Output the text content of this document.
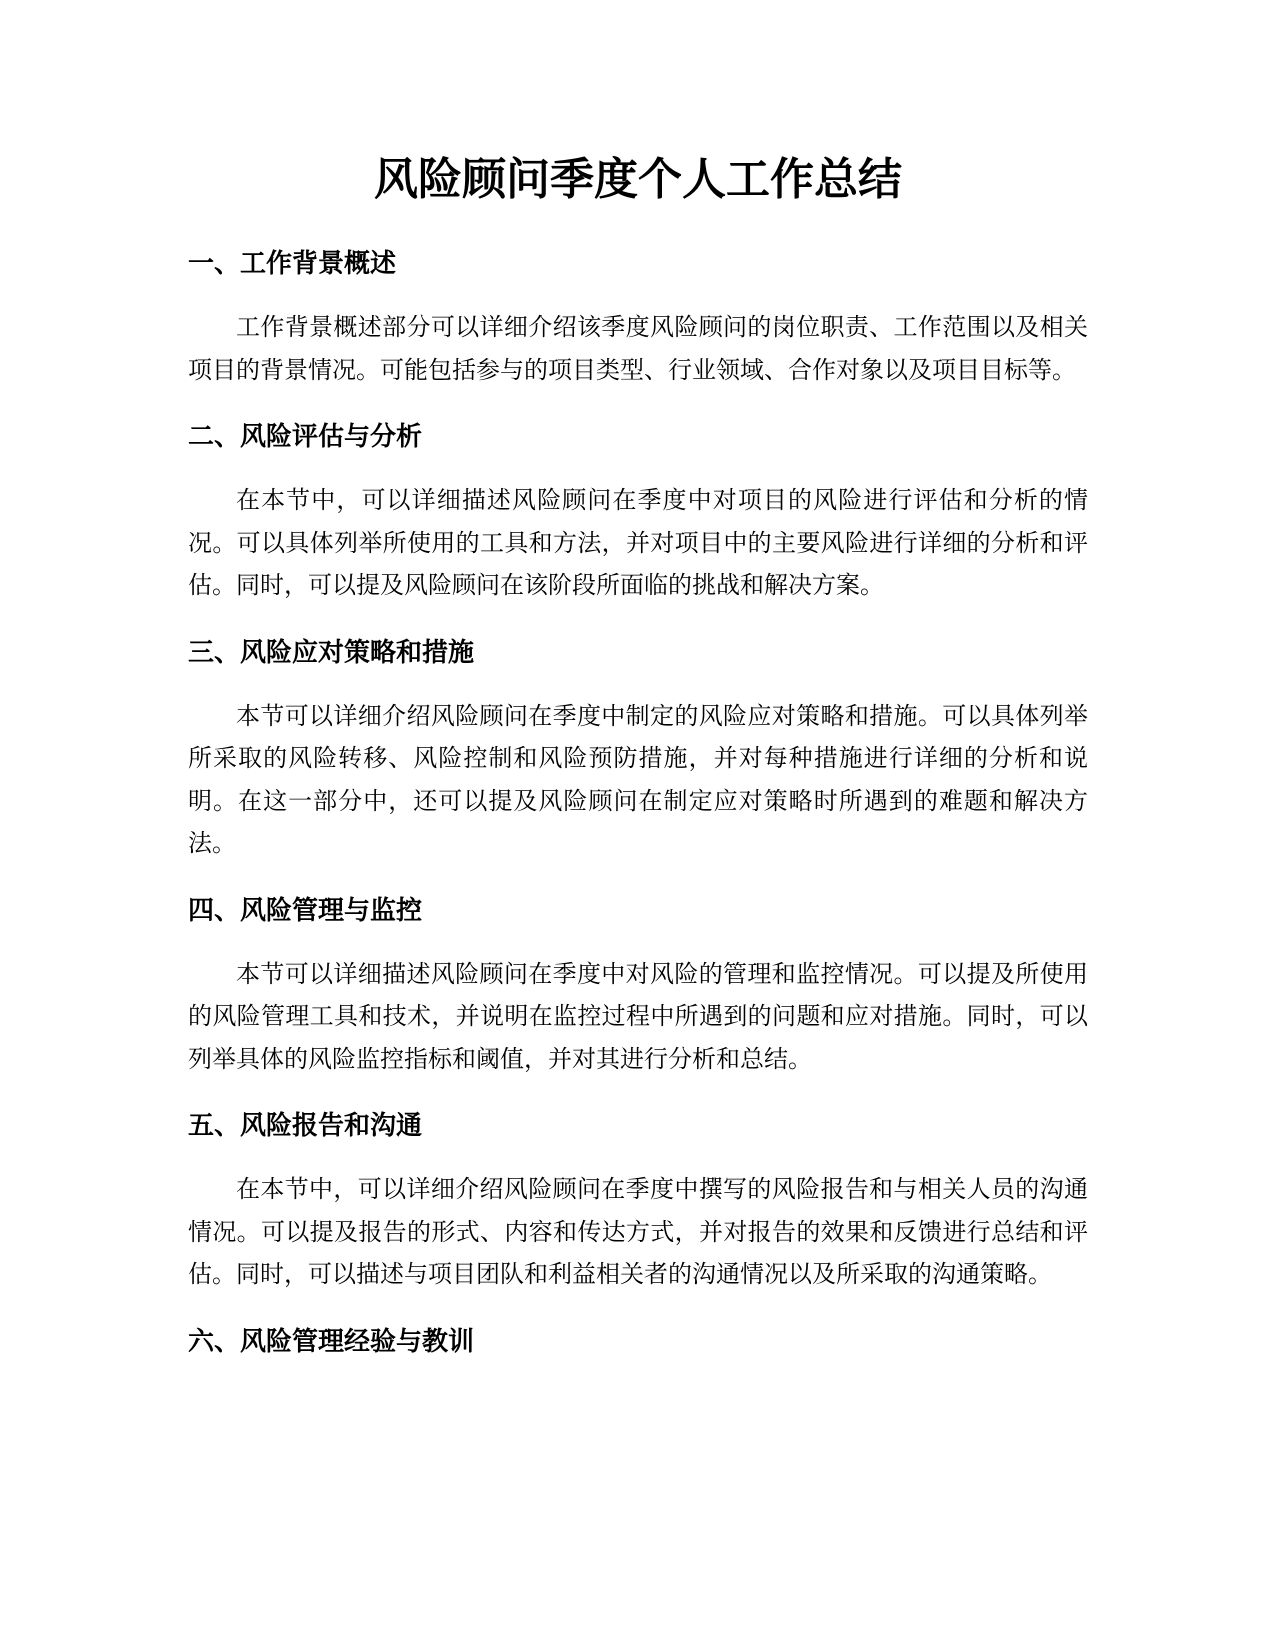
风险顾问季度个人工作总结
一、工作背景概述

工作背景概述部分可以详细介绍该季度风险顾问的岗位职责、工作范围以及相关项目的背景情况。可能包括参与的项目类型、行业领域、合作对象以及项目目标等。

二、风险评估与分析

在本节中，可以详细描述风险顾问在季度中对项目的风险进行评估和分析的情况。可以具体列举所使用的工具和方法，并对项目中的主要风险进行详细的分析和评估。同时，可以提及风险顾问在该阶段所面临的挑战和解决方案。

三、风险应对策略和措施

本节可以详细介绍风险顾问在季度中制定的风险应对策略和措施。可以具体列举所采取的风险转移、风险控制和风险预防措施，并对每种措施进行详细的分析和说明。在这一部分中，还可以提及风险顾问在制定应对策略时所遇到的难题和解决方法。

四、风险管理与监控

本节可以详细描述风险顾问在季度中对风险的管理和监控情况。可以提及所使用的风险管理工具和技术，并说明在监控过程中所遇到的问题和应对措施。同时，可以列举具体的风险监控指标和阈值，并对其进行分析和总结。

五、风险报告和沟通

在本节中，可以详细介绍风险顾问在季度中撰写的风险报告和与相关人员的沟通情况。可以提及报告的形式、内容和传达方式，并对报告的效果和反馈进行总结和评估。同时，可以描述与项目团队和利益相关者的沟通情况以及所采取的沟通策略。

六、风险管理经验与教训
